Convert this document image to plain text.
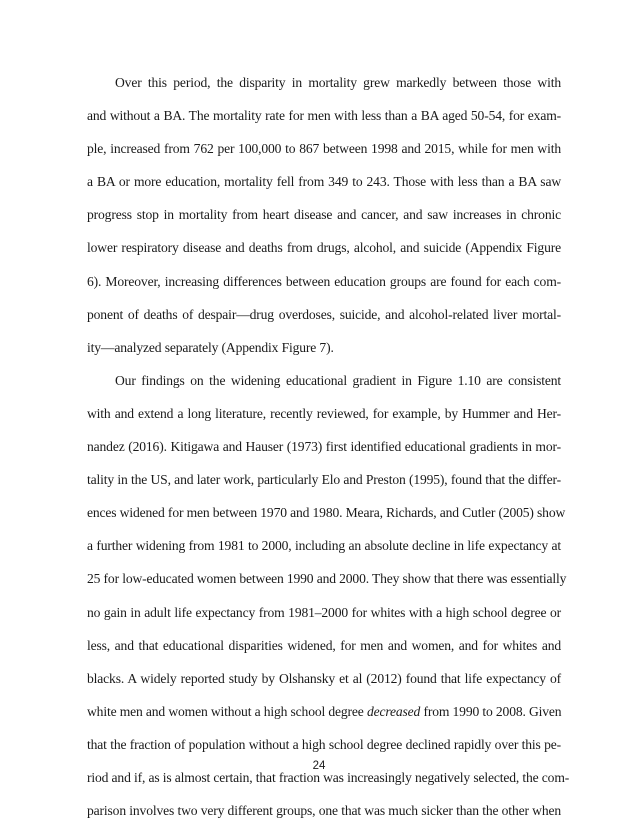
Over this period, the disparity in mortality grew markedly between those with
and without a BA. The mortality rate for men with less than a BA aged 50-54, for exam-
ple, increased from 762 per 100,000 to 867 between 1998 and 2015, while for men with
a BA or more education, mortality fell from 349 to 243. Those with less than a BA saw
progress stop in mortality from heart disease and cancer, and saw increases in chronic
lower respiratory disease and deaths from drugs, alcohol, and suicide (Appendix Figure
6). Moreover, increasing differences between education groups are found for each com-
ponent of deaths of despair—drug overdoses, suicide, and alcohol-related liver mortal-
ity—analyzed separately (Appendix Figure 7).
Our findings on the widening educational gradient in Figure 1.10 are consistent
with and extend a long literature, recently reviewed, for example, by Hummer and Her-
nandez (2016). Kitigawa and Hauser (1973) first identified educational gradients in mor-
tality in the US, and later work, particularly Elo and Preston (1995), found that the differ-
ences widened for men between 1970 and 1980. Meara, Richards, and Cutler (2005) show
a further widening from 1981 to 2000, including an absolute decline in life expectancy at
25 for low-educated women between 1990 and 2000. They show that there was essentially
no gain in adult life expectancy from 1981–2000 for whites with a high school degree or
less, and that educational disparities widened, for men and women, and for whites and
blacks. A widely reported study by Olshansky et al (2012) found that life expectancy of
white men and women without a high school degree decreased from 1990 to 2008. Given
that the fraction of population without a high school degree declined rapidly over this pe-
riod and if, as is almost certain, that fraction was increasingly negatively selected, the com-
parison involves two very different groups, one that was much sicker than the other when
24
